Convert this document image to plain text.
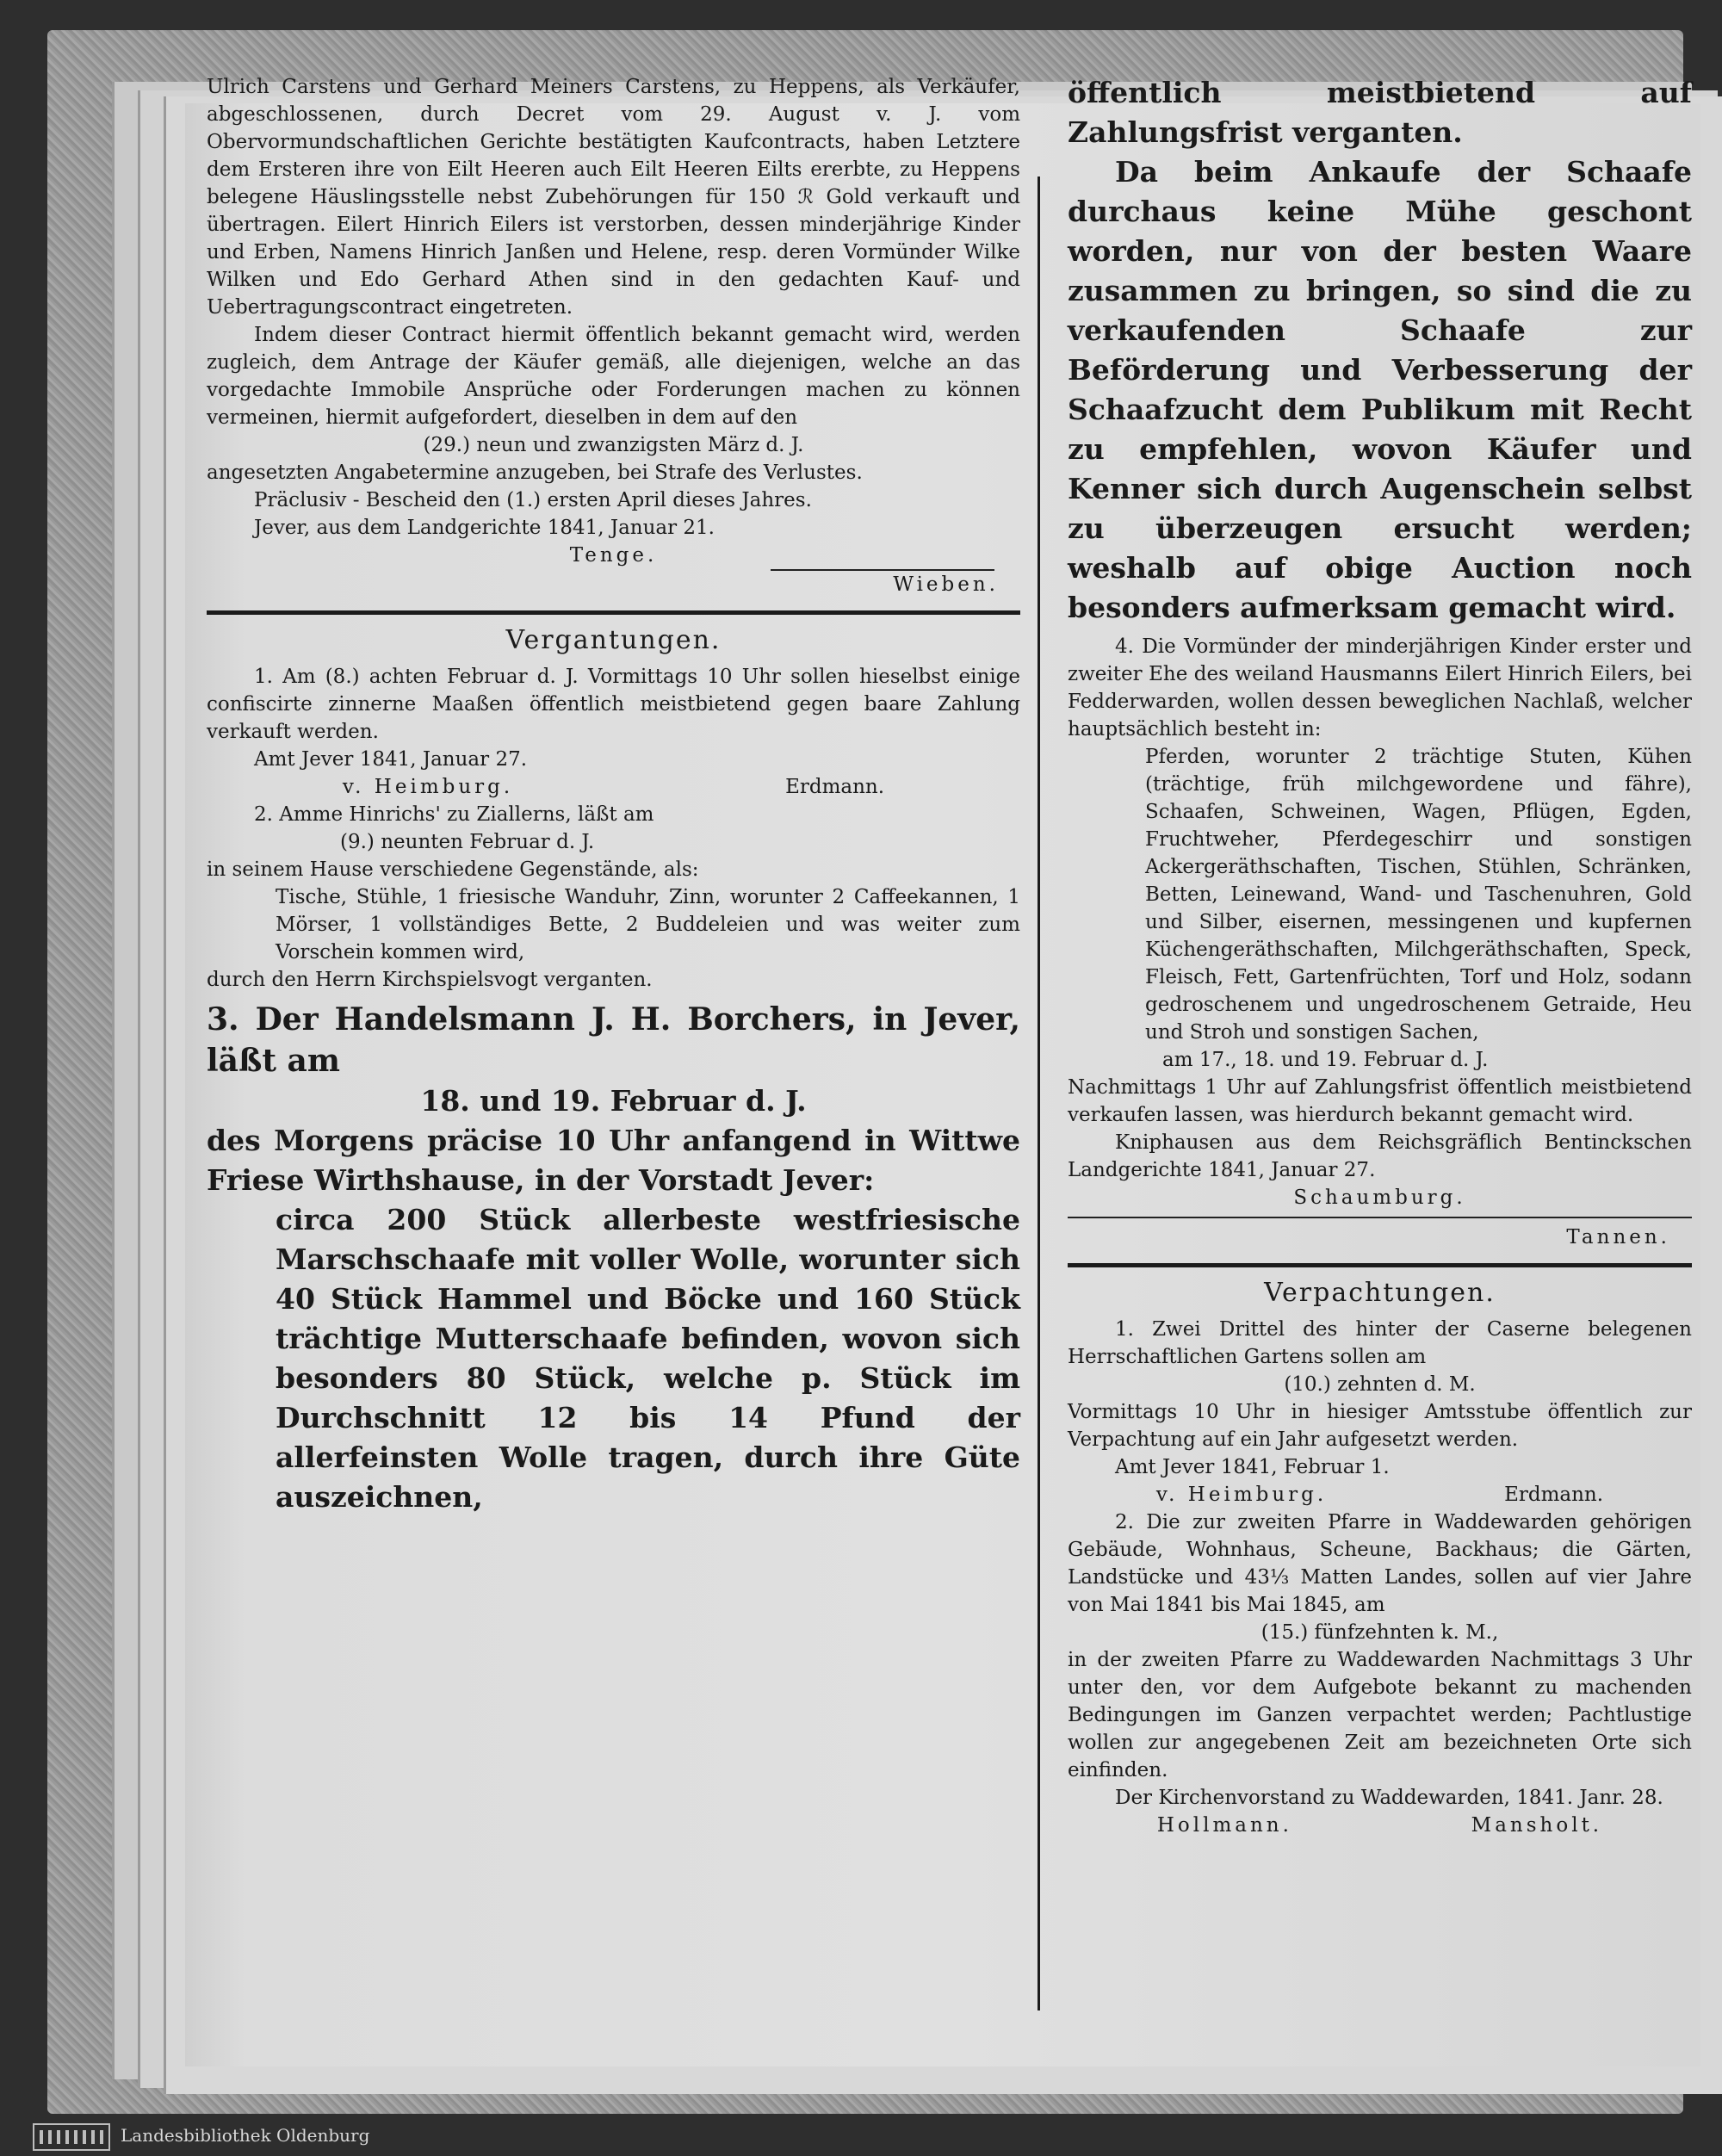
Ulrich Carstens und Gerhard Meiners Carstens, zu Heppens, als Verkäufer, abgeschlossenen, durch Decret vom 29. August v. J. vom Obervormundschaftlichen Gerichte bestätigten Kaufcontracts, haben Letztere dem Ersteren ihre von Eilt Heeren auch Eilt Heeren Eilts ererbte, zu Heppens belegene Häuslingsstelle nebst Zubehörungen für 150 ℛ Gold verkauft und übertragen. Eilert Hinrich Eilers ist verstorben, dessen minderjährige Kinder und Erben, Namens Hinrich Janßen und Helene, resp. deren Vormünder Wilke Wilken und Edo Gerhard Athen sind in den gedachten Kauf- und Uebertragungscontract eingetreten.

Indem dieser Contract hiermit öffentlich bekannt gemacht wird, werden zugleich, dem Antrage der Käufer gemäß, alle diejenigen, welche an das vorgedachte Immobile Ansprüche oder Forderungen machen zu können vermeinen, hiermit aufgefordert, dieselben in dem auf den

(29.) neun und zwanzigsten März d. J.

angesetzten Angabetermine anzugeben, bei Strafe des Verlustes.

Präclusiv - Bescheid den (1.) ersten April dieses Jahres.

Jever, aus dem Landgerichte 1841, Januar 21.

Tenge.

Wieben.

Vergantungen.

1. Am (8.) achten Februar d. J. Vormittags 10 Uhr sollen hieselbst einige confiscirte zinnerne Maaßen öffentlich meistbietend gegen baare Zahlung verkauft werden.

Amt Jever 1841, Januar 27.

v. Heimburg.	Erdmann.

2. Amme Hinrichs' zu Ziallerns, läßt am

(9.) neunten Februar d. J.

in seinem Hause verschiedene Gegenstände, als:

Tische, Stühle, 1 friesische Wanduhr, Zinn, worunter 2 Caffeekannen, 1 Mörser, 1 vollständiges Bette, 2 Buddeleien und was weiter zum Vorschein kommen wird,

durch den Herrn Kirchspielsvogt verganten.

3. Der Handelsmann J. H. Borchers, in Jever, läßt am

18. und 19. Februar d. J.

des Morgens präcise 10 Uhr anfangend in Wittwe Friese Wirthshause, in der Vorstadt Jever:

circa 200 Stück allerbeste westfriesische Marschschaafe mit voller Wolle, worunter sich 40 Stück Hammel und Böcke und 160 Stück trächtige Mutterschaafe befinden, wovon sich besonders 80 Stück, welche p. Stück im Durchschnitt 12 bis 14 Pfund der allerfeinsten Wolle tragen, durch ihre Güte auszeichnen,

öffentlich meistbietend auf Zahlungsfrist verganten.

Da beim Ankaufe der Schaafe durchaus keine Mühe geschont worden, nur von der besten Waare zusammen zu bringen, so sind die zu verkaufenden Schaafe zur Beförderung und Verbesserung der Schaafzucht dem Publikum mit Recht zu empfehlen, wovon Käufer und Kenner sich durch Augenschein selbst zu überzeugen ersucht werden; weshalb auf obige Auction noch besonders aufmerksam gemacht wird.

4. Die Vormünder der minderjährigen Kinder erster und zweiter Ehe des weiland Hausmanns Eilert Hinrich Eilers, bei Fedderwarden, wollen dessen beweglichen Nachlaß, welcher hauptsächlich besteht in:

Pferden, worunter 2 trächtige Stuten, Kühen (trächtige, früh milchgewordene und fähre), Schaafen, Schweinen, Wagen, Pflügen, Egden, Fruchtweher, Pferdegeschirr und sonstigen Ackergeräthschaften, Tischen, Stühlen, Schränken, Betten, Leinewand, Wand- und Taschenuhren, Gold und Silber, eisernen, messingenen und kupfernen Küchengeräthschaften, Milchgeräthschaften, Speck, Fleisch, Fett, Gartenfrüchten, Torf und Holz, sodann gedroschenem und ungedroschenem Getraide, Heu und Stroh und sonstigen Sachen,

am 17., 18. und 19. Februar d. J.

Nachmittags 1 Uhr auf Zahlungsfrist öffentlich meistbietend verkaufen lassen, was hierdurch bekannt gemacht wird.

Kniphausen aus dem Reichsgräflich Bentinckschen Landgerichte 1841, Januar 27.

Schaumburg.

Tannen.

Verpachtungen.

1. Zwei Drittel des hinter der Caserne belegenen Herrschaftlichen Gartens sollen am

(10.) zehnten d. M.

Vormittags 10 Uhr in hiesiger Amtsstube öffentlich zur Verpachtung auf ein Jahr aufgesetzt werden.

Amt Jever 1841, Februar 1.

v. Heimburg.	Erdmann.

2. Die zur zweiten Pfarre in Waddewarden gehörigen Gebäude, Wohnhaus, Scheune, Backhaus; die Gärten, Landstücke und 43⅓ Matten Landes, sollen auf vier Jahre von Mai 1841 bis Mai 1845, am

(15.) fünfzehnten k. M.,

in der zweiten Pfarre zu Waddewarden Nachmittags 3 Uhr unter den, vor dem Aufgebote bekannt zu machenden Bedingungen im Ganzen verpachtet werden; Pachtlustige wollen zur angegebenen Zeit am bezeichneten Orte sich einfinden.

Der Kirchenvorstand zu Waddewarden, 1841. Janr. 28.

Hollmann.	Mansholt.

Landesbibliothek Oldenburg
